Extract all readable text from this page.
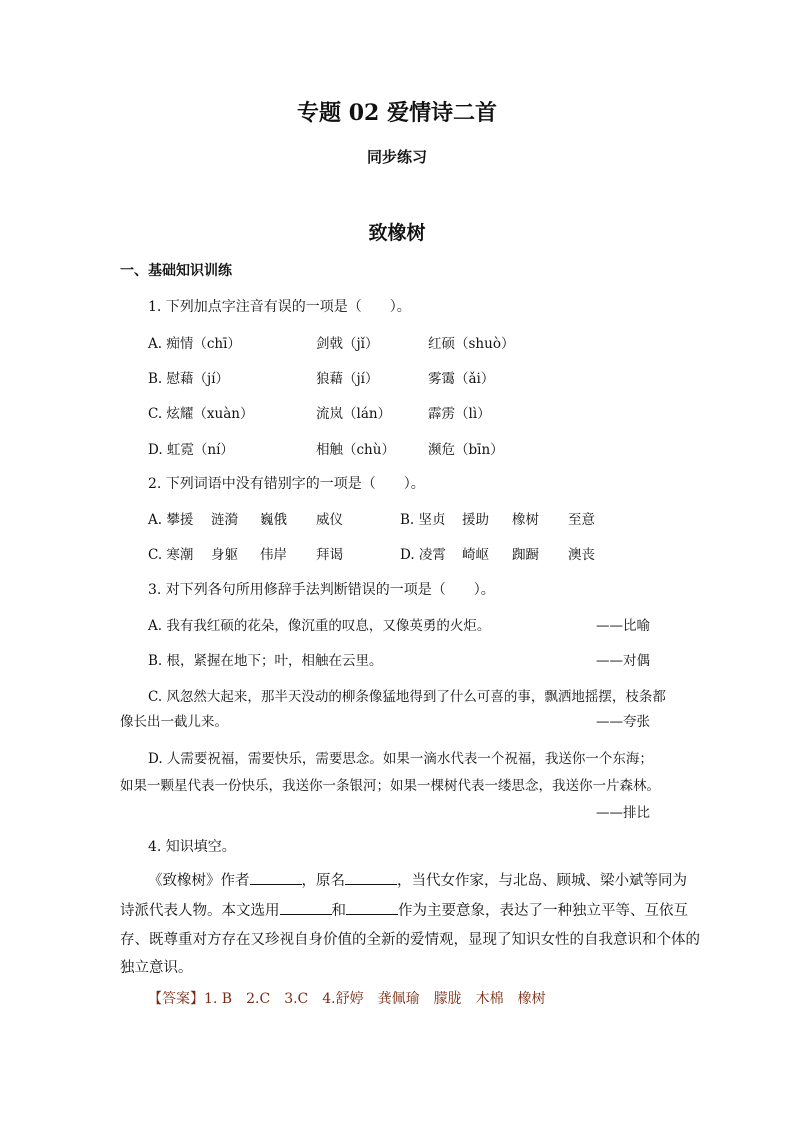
专题 02 爱情诗二首
同步练习
致橡树
一、基础知识训练
1. 下列加点字注音有误的一项是（　　）。
A. 痴情（chī）	剑戟（jǐ）	红硕（shuò）
B. 慰藉（jí）	狼藉（jí）	雾霭（ǎi）
C. 炫耀（xuàn）	流岚（lán）	霹雳（lì）
D. 虹霓（ní）	相触（chù） 濒危（bīn）
2. 下列词语中没有错别字的一项是（　　）。
A. 攀援 涟漪 巍俄 威仪	B. 坚贞 援助 橡树 至意
C. 寒潮 身躯 伟岸 拜谒	D. 凌霄 崎岖 踟蹰 澳丧
3. 对下列各句所用修辞手法判断错误的一项是（　　）。
A. 我有我红硕的花朵，像沉重的叹息，又像英勇的火炬。	——比喻
B. 根，紧握在地下；叶，相触在云里。	——对偶
C. 风忽然大起来，那半天没动的柳条像猛地得到了什么可喜的事，飘洒地摇摆，枝条都
像长出一截儿来。	——夸张
D. 人需要祝福，需要快乐，需要思念。如果一滴水代表一个祝福，我送你一个东海；
如果一颗星代表一份快乐，我送你一条银河；如果一棵树代表一缕思念，我送你一片森林。
——排比
4. 知识填空。
《致橡树》作者	，原名	，当代女作家，与北岛、顾城、梁小斌等同为
诗派代表人物。本文选用	和	作为主要意象，表达了一种独立平等、互依互
存、既尊重对方存在又珍视自身价值的全新的爱情观，显现了知识女性的自我意识和个体的
独立意识。
【答案】1. B 2.C 3.C 4.舒婷 龚佩瑜 朦胧 木棉 橡树
